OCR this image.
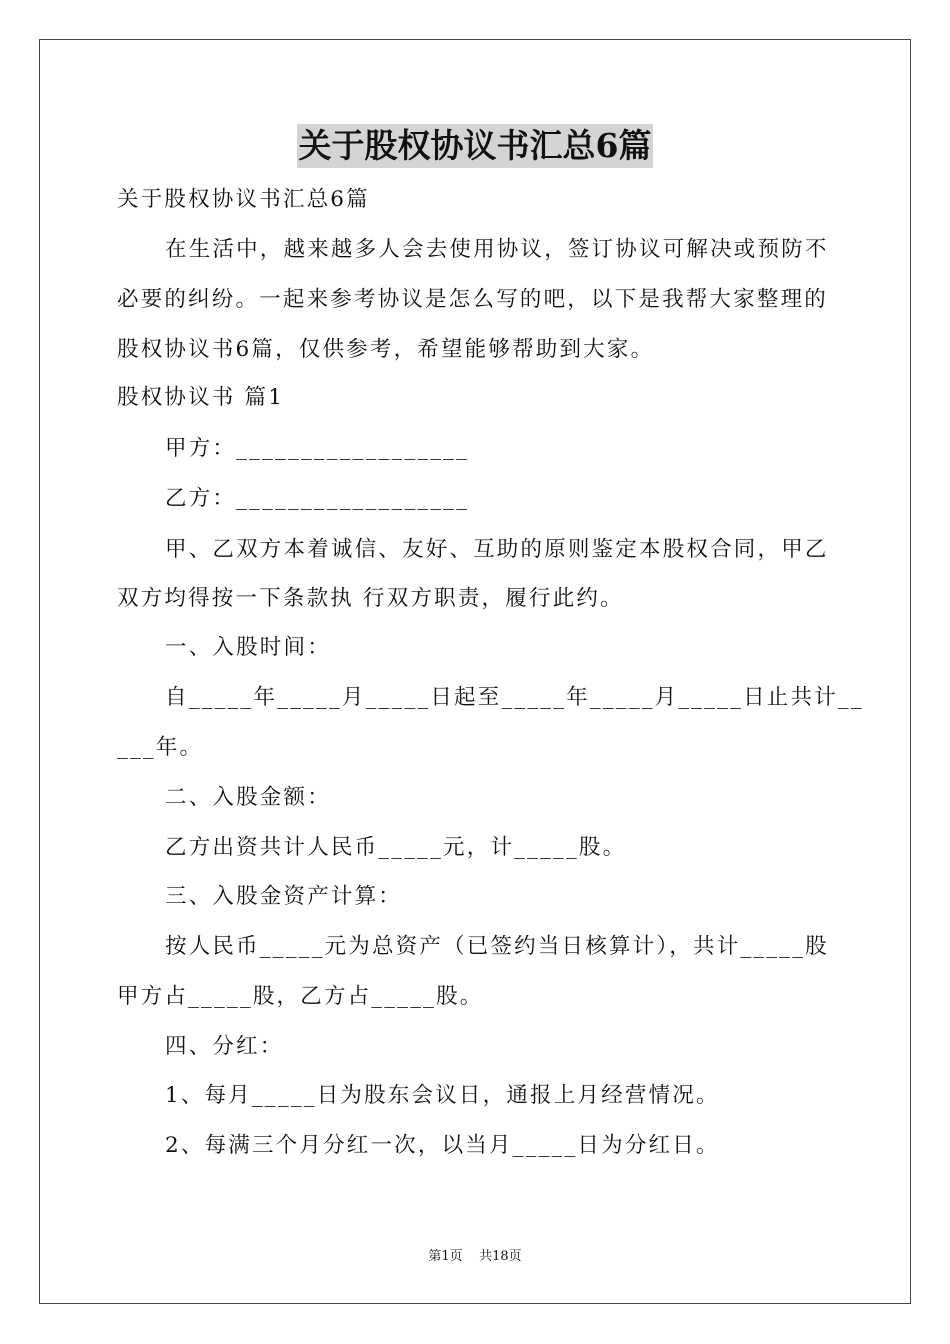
关于股权协议书汇总6篇
关于股权协议书汇总6篇
在生活中，越来越多人会去使用协议，签订协议可解决或预防不
必要的纠纷。一起来参考协议是怎么写的吧，以下是我帮大家整理的
股权协议书6篇，仅供参考，希望能够帮助到大家。
股权协议书 篇1
甲方：__________________
乙方：__________________
甲、乙双方本着诚信、友好、互助的原则鉴定本股权合同，甲乙
双方均得按一下条款执 行双方职责，履行此约。
一、入股时间：
自_____年_____月_____日起至_____年_____月_____日止共计__
___年。
二、入股金额：
乙方出资共计人民币_____元，计_____股。
三、入股金资产计算：
按人民币_____元为总资产（已签约当日核算计），共计_____股
甲方占_____股，乙方占_____股。
四、分红：
1、每月_____日为股东会议日，通报上月经营情况。
2、每满三个月分红一次，以当月_____日为分红日。
第1页 共18页
